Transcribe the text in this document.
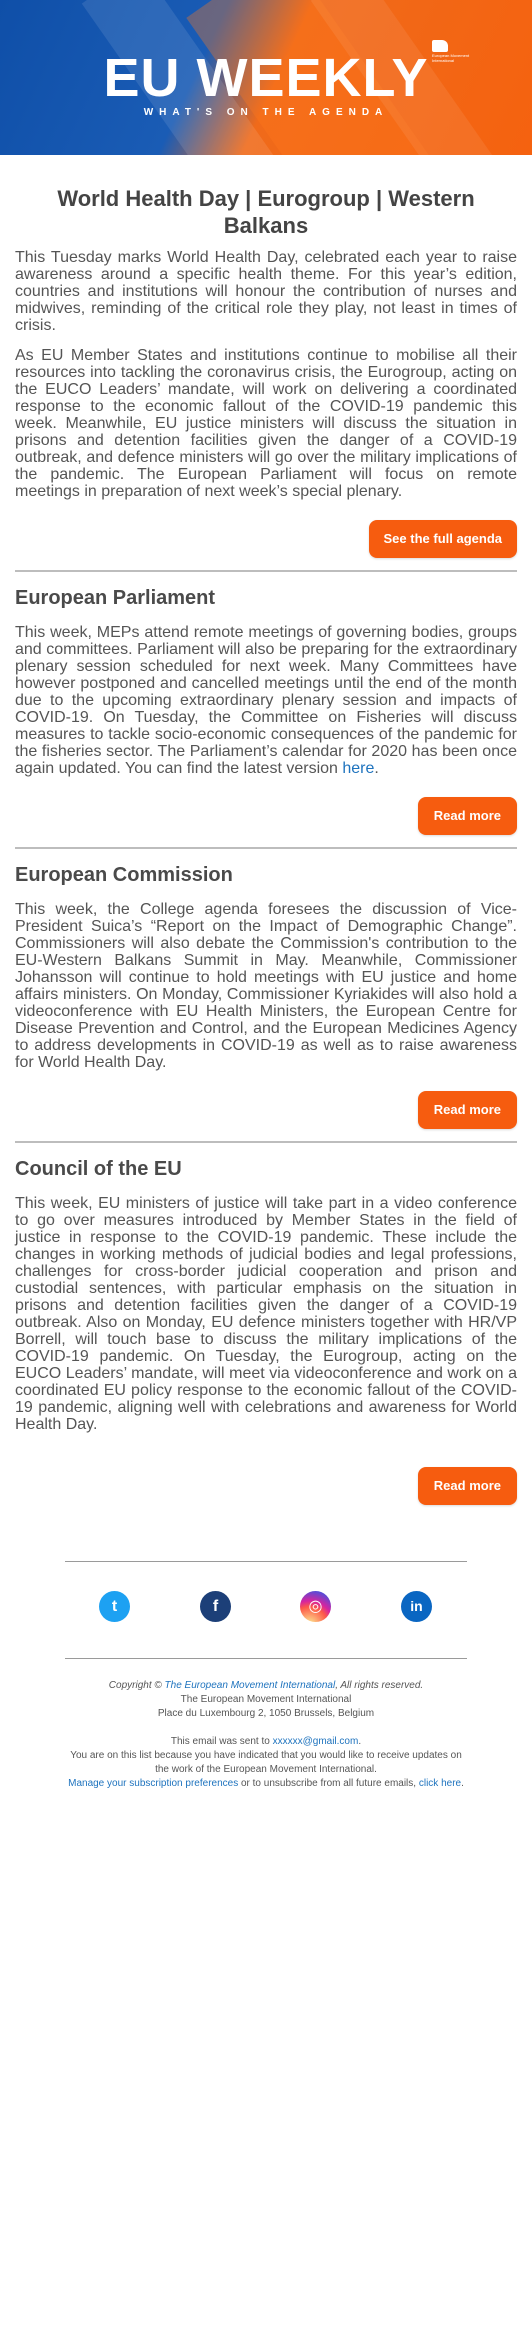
EU WEEKLY
WHAT'S ON THE AGENDA
European Movement International
World Health Day | Eurogroup | Western Balkans

This Tuesday marks World Health Day, celebrated each year to raise awareness around a specific health theme. For this year’s edition, countries and institutions will honour the contribution of nurses and midwives, reminding of the critical role they play, not least in times of crisis.

As EU Member States and institutions continue to mobilise all their resources into tackling the coronavirus crisis, the Eurogroup, acting on the EUCO Leaders’ mandate, will work on delivering a coordinated response to the economic fallout of the COVID-19 pandemic this week. Meanwhile, EU justice ministers will discuss the situation in prisons and detention facilities given the danger of a COVID-19 outbreak, and defence ministers will go over the military implications of the pandemic. The European Parliament will focus on remote meetings in preparation of next week’s special plenary.

See the full agenda
European Parliament

This week, MEPs attend remote meetings of governing bodies, groups and committees. Parliament will also be preparing for the extraordinary plenary session scheduled for next week. Many Committees have however postponed and cancelled meetings until the end of the month due to the upcoming extraordinary plenary session and impacts of COVID-19. On Tuesday, the Committee on Fisheries will discuss measures to tackle socio-economic consequences of the pandemic for the fisheries sector. The Parliament’s calendar for 2020 has been once again updated. You can find the latest version here.

Read more
European Commission

This week, the College agenda foresees the discussion of Vice-President Suica’s “Report on the Impact of Demographic Change”. Commissioners will also debate the Commission's contribution to the EU-Western Balkans Summit in May. Meanwhile, Commissioner Johansson will continue to hold meetings with EU justice and home affairs ministers. On Monday, Commissioner Kyriakides will also hold a videoconference with EU Health Ministers, the European Centre for Disease Prevention and Control, and the European Medicines Agency to address developments in COVID-19 as well as to raise awareness for World Health Day.

Read more
Council of the EU

This week, EU ministers of justice will take part in a video conference to go over measures introduced by Member States in the field of justice in response to the COVID-19 pandemic. These include the changes in working methods of judicial bodies and legal professions, challenges for cross-border judicial cooperation and prison and custodial sentences, with particular emphasis on the situation in prisons and detention facilities given the danger of a COVID-19 outbreak. Also on Monday, EU defence ministers together with HR/VP Borrell, will touch base to discuss the military implications of the COVID-19 pandemic. On Tuesday, the Eurogroup, acting on the EUCO Leaders’ mandate, will meet via videoconference and work on a coordinated EU policy response to the economic fallout of the COVID-19 pandemic, aligning well with celebrations and awareness for World Health Day.

Read more
t	f	◎	in
Copyright © The European Movement International, All rights reserved.
The European Movement International
Place du Luxembourg 2, 1050 Brussels, Belgium
This email was sent to xxxxxx@gmail.com.
You are on this list because you have indicated that you would like to receive updates on
the work of the European Movement International.
Manage your subscription preferences or to unsubscribe from all future emails, click here.
